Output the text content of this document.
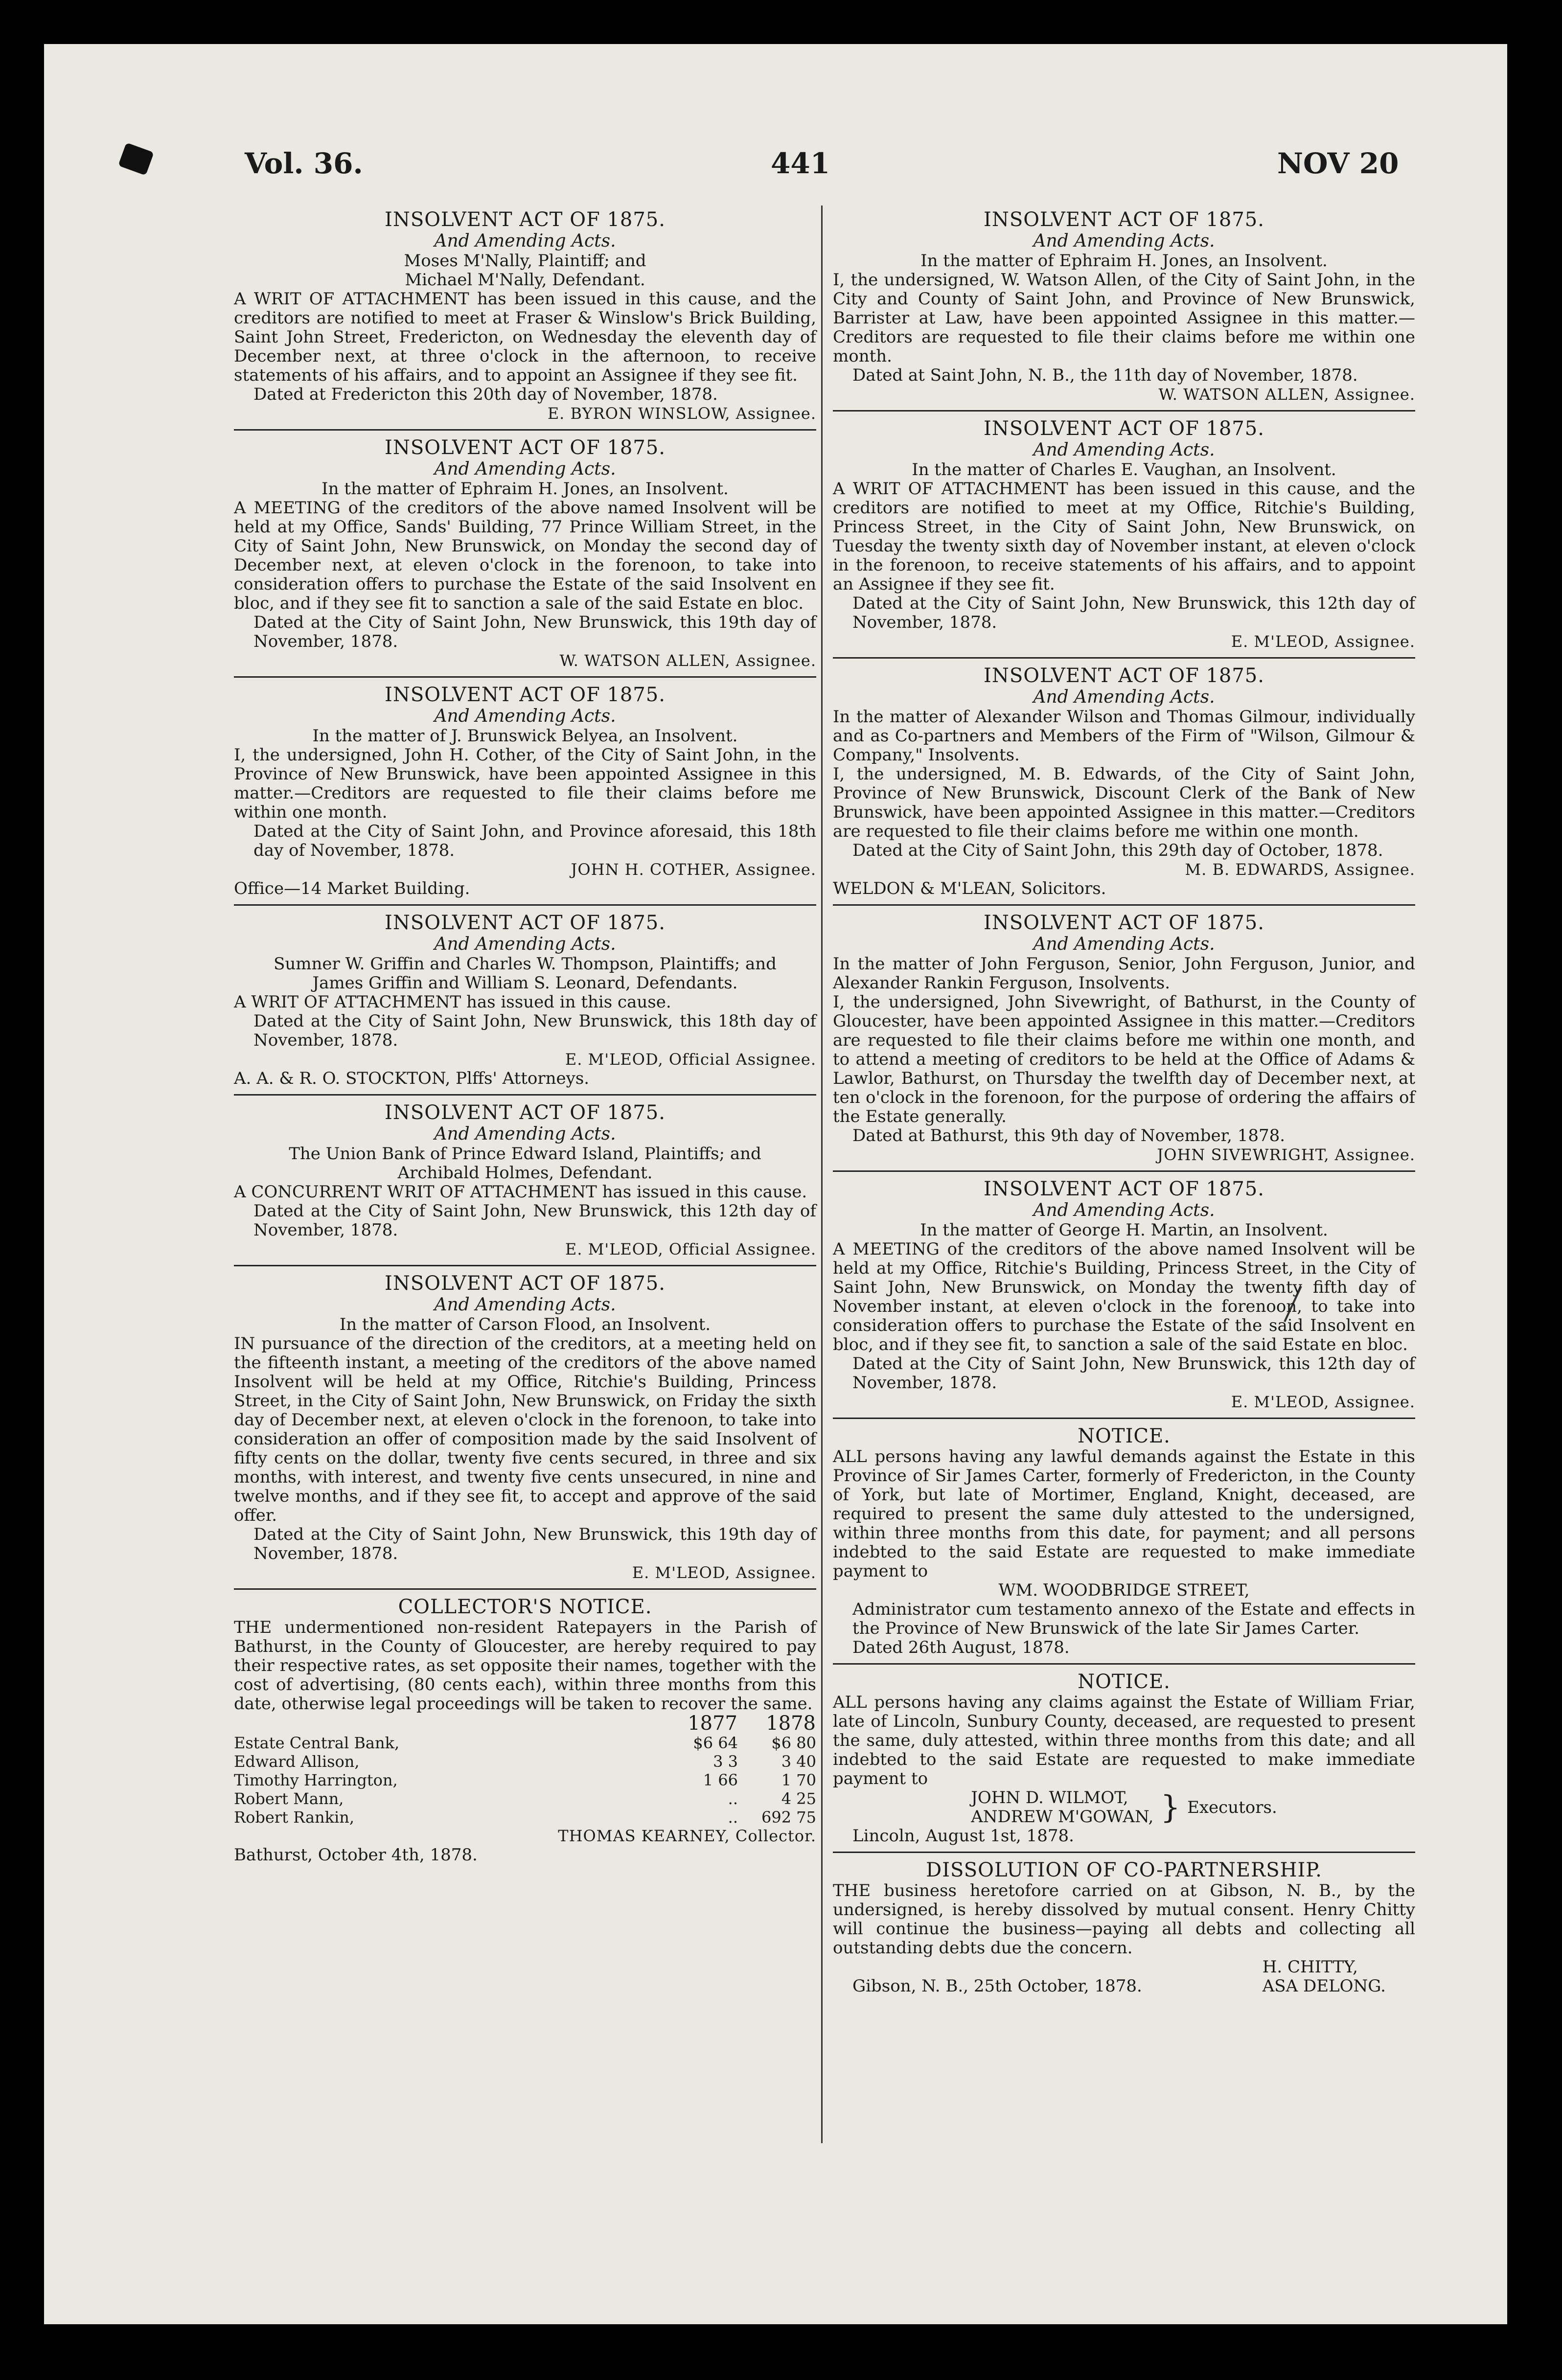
Vol. 36.	441	NOV 20
INSOLVENT ACT OF 1875.
And Amending Acts.
Moses M'Nally, Plaintiff; and
Michael M'Nally, Defendant.

A WRIT OF ATTACHMENT has been issued in this cause, and the creditors are notified to meet at Fraser & Winslow's Brick Building, Saint John Street, Fredericton, on Wednesday the eleventh day of December next, at three o'clock in the afternoon, to receive statements of his affairs, and to appoint an Assignee if they see fit.

Dated at Fredericton this 20th day of November, 1878.

E. BYRON WINSLOW, Assignee.
INSOLVENT ACT OF 1875.
And Amending Acts.
In the matter of Ephraim H. Jones, an Insolvent.

A MEETING of the creditors of the above named Insolvent will be held at my Office, Sands' Building, 77 Prince William Street, in the City of Saint John, New Brunswick, on Monday the second day of December next, at eleven o'clock in the forenoon, to take into consideration offers to purchase the Estate of the said Insolvent en bloc, and if they see fit to sanction a sale of the said Estate en bloc.

Dated at the City of Saint John, New Brunswick, this 19th day of November, 1878.

W. WATSON ALLEN, Assignee.
INSOLVENT ACT OF 1875.
And Amending Acts.
In the matter of J. Brunswick Belyea, an Insolvent.

I, the undersigned, John H. Cother, of the City of Saint John, in the Province of New Brunswick, have been appointed Assignee in this matter.—Creditors are requested to file their claims before me within one month.

Dated at the City of Saint John, and Province aforesaid, this 18th day of November, 1878.

JOHN H. COTHER, Assignee.

Office—14 Market Building.

INSOLVENT ACT OF 1875.
And Amending Acts.
Sumner W. Griffin and Charles W. Thompson, Plaintiffs; and
James Griffin and William S. Leonard, Defendants.

A WRIT OF ATTACHMENT has issued in this cause.

Dated at the City of Saint John, New Brunswick, this 18th day of November, 1878.

E. M'LEOD, Official Assignee.

A. A. & R. O. STOCKTON, Plffs' Attorneys.

INSOLVENT ACT OF 1875.
And Amending Acts.
The Union Bank of Prince Edward Island, Plaintiffs; and
Archibald Holmes, Defendant.

A CONCURRENT WRIT OF ATTACHMENT has issued in this cause.

Dated at the City of Saint John, New Brunswick, this 12th day of November, 1878.

E. M'LEOD, Official Assignee.
INSOLVENT ACT OF 1875.
And Amending Acts.
In the matter of Carson Flood, an Insolvent.

IN pursuance of the direction of the creditors, at a meeting held on the fifteenth instant, a meeting of the creditors of the above named Insolvent will be held at my Office, Ritchie's Building, Princess Street, in the City of Saint John, New Brunswick, on Friday the sixth day of December next, at eleven o'clock in the forenoon, to take into consideration an offer of composition made by the said Insolvent of fifty cents on the dollar, twenty five cents secured, in three and six months, with interest, and twenty five cents unsecured, in nine and twelve months, and if they see fit, to accept and approve of the said offer.

Dated at the City of Saint John, New Brunswick, this 19th day of November, 1878.

E. M'LEOD, Assignee.
COLLECTOR'S NOTICE.

THE undermentioned non-resident Ratepayers in the Parish of Bathurst, in the County of Gloucester, are hereby required to pay their respective rates, as set opposite their names, together with the cost of advertising, (80 cents each), within three months from this date, otherwise legal proceedings will be taken to recover the same.

	1877	1878
Estate Central Bank,	$6 64	$6 80
Edward Allison,	3 3	3 40
Timothy Harrington,	1 66	1 70
Robert Mann,	..	4 25
Robert Rankin,	..	692 75
THOMAS KEARNEY, Collector.

Bathurst, October 4th, 1878.

INSOLVENT ACT OF 1875.
And Amending Acts.
In the matter of Ephraim H. Jones, an Insolvent.

I, the undersigned, W. Watson Allen, of the City of Saint John, in the City and County of Saint John, and Province of New Brunswick, Barrister at Law, have been appointed Assignee in this matter.—Creditors are requested to file their claims before me within one month.

Dated at Saint John, N. B., the 11th day of November, 1878.

W. WATSON ALLEN, Assignee.
INSOLVENT ACT OF 1875.
And Amending Acts.
In the matter of Charles E. Vaughan, an Insolvent.

A WRIT OF ATTACHMENT has been issued in this cause, and the creditors are notified to meet at my Office, Ritchie's Building, Princess Street, in the City of Saint John, New Brunswick, on Tuesday the twenty sixth day of November instant, at eleven o'clock in the forenoon, to receive statements of his affairs, and to appoint an Assignee if they see fit.

Dated at the City of Saint John, New Brunswick, this 12th day of November, 1878.

E. M'LEOD, Assignee.
INSOLVENT ACT OF 1875.
And Amending Acts.

In the matter of Alexander Wilson and Thomas Gilmour, individually and as Co-partners and Members of the Firm of "Wilson, Gilmour & Company," Insolvents.

I, the undersigned, M. B. Edwards, of the City of Saint John, Province of New Brunswick, Discount Clerk of the Bank of New Brunswick, have been appointed Assignee in this matter.—Creditors are requested to file their claims before me within one month.

Dated at the City of Saint John, this 29th day of October, 1878.

M. B. EDWARDS, Assignee.

WELDON & M'LEAN, Solicitors.

INSOLVENT ACT OF 1875.
And Amending Acts.

In the matter of John Ferguson, Senior, John Ferguson, Junior, and Alexander Rankin Ferguson, Insolvents.

I, the undersigned, John Sivewright, of Bathurst, in the County of Gloucester, have been appointed Assignee in this matter.—Creditors are requested to file their claims before me within one month, and to attend a meeting of creditors to be held at the Office of Adams & Lawlor, Bathurst, on Thursday the twelfth day of December next, at ten o'clock in the forenoon, for the purpose of ordering the affairs of the Estate generally.

Dated at Bathurst, this 9th day of November, 1878.

JOHN SIVEWRIGHT, Assignee.
INSOLVENT ACT OF 1875.
And Amending Acts.
In the matter of George H. Martin, an Insolvent.

A MEETING of the creditors of the above named Insolvent will be held at my Office, Ritchie's Building, Princess Street, in the City of Saint John, New Brunswick, on Monday the twenty fifth day of November instant, at eleven o'clock in the forenoon, to take into consideration offers to purchase the Estate of the said Insolvent en bloc, and if they see fit, to sanction a sale of the said Estate en bloc.

Dated at the City of Saint John, New Brunswick, this 12th day of November, 1878.

E. M'LEOD, Assignee.
NOTICE.

ALL persons having any lawful demands against the Estate in this Province of Sir James Carter, formerly of Fredericton, in the County of York, but late of Mortimer, England, Knight, deceased, are required to present the same duly attested to the undersigned, within three months from this date, for payment; and all persons indebted to the said Estate are requested to make immediate payment to

WM. WOODBRIDGE STREET,

Administrator cum testamento annexo of the Estate and effects in the Province of New Brunswick of the late Sir James Carter.

Dated 26th August, 1878.

NOTICE.

ALL persons having any claims against the Estate of William Friar, late of Lincoln, Sunbury County, deceased, are requested to present the same, duly attested, within three months from this date; and all indebted to the said Estate are requested to make immediate payment to

JOHN D. WILMOT,
ANDREW M'GOWAN, } Executors.

Lincoln, August 1st, 1878.

DISSOLUTION OF CO-PARTNERSHIP.

THE business heretofore carried on at Gibson, N. B., by the undersigned, is hereby dissolved by mutual consent. Henry Chitty will continue the business—paying all debts and collecting all outstanding debts due the concern.

Gibson, N. B., 25th October, 1878.
H. CHITTY,
ASA DELONG.
